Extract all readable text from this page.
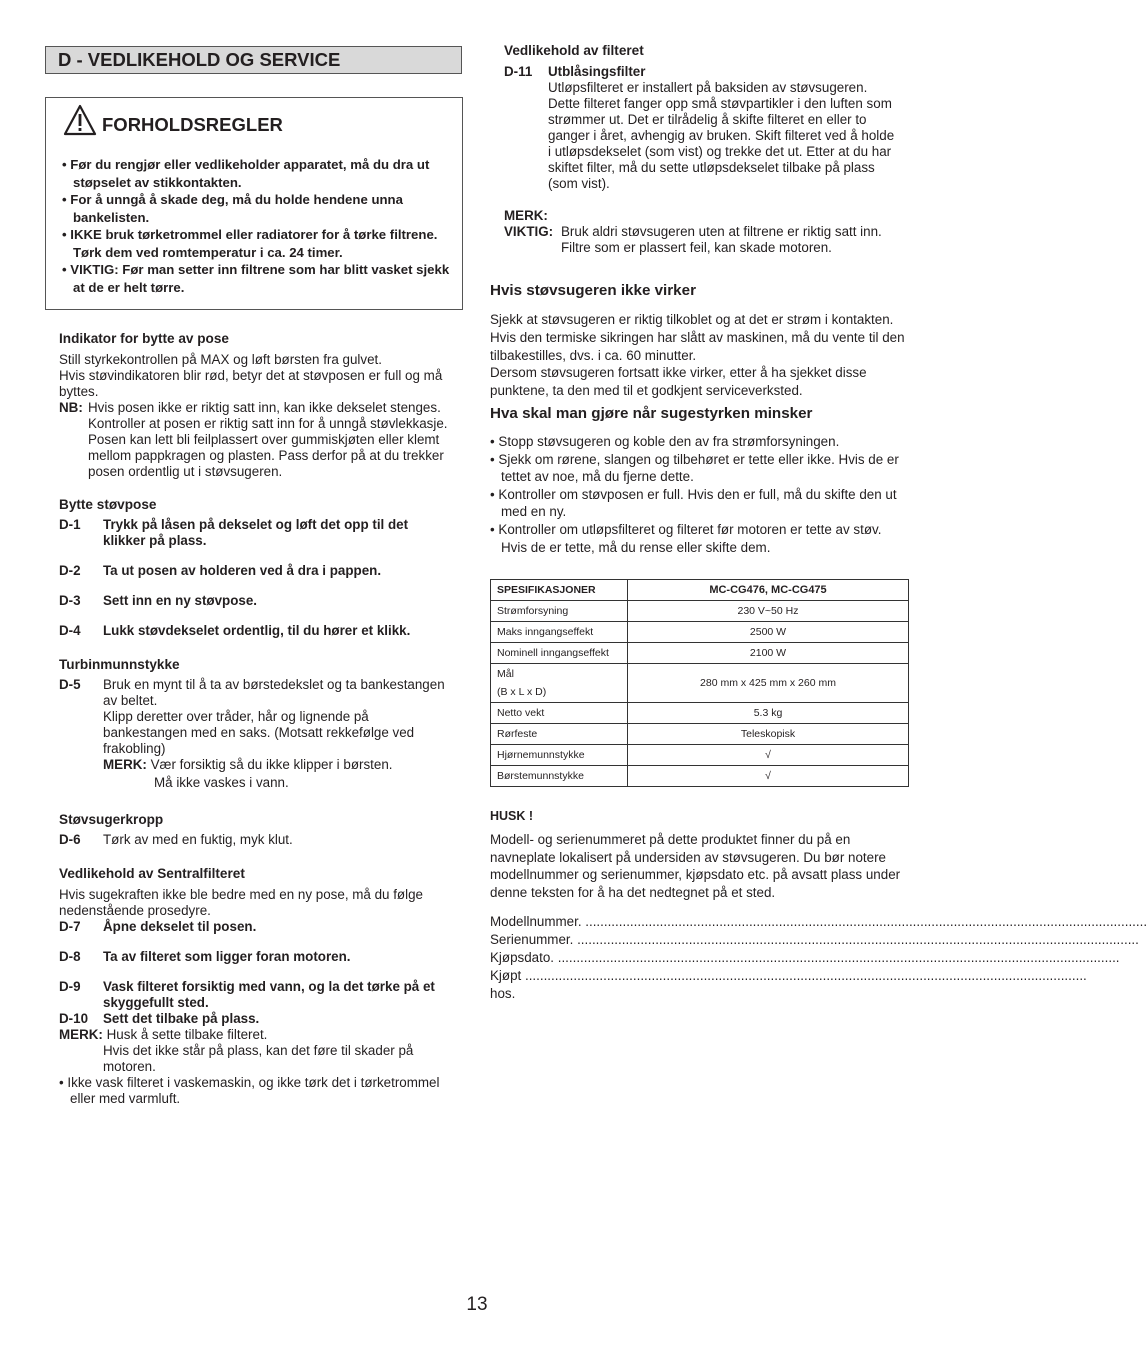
D - VEDLIKEHOLD OG SERVICE
FORHOLDSREGLER
• Før du rengjør eller vedlikeholder apparatet, må du dra ut støpselet av stikkontakten.
• For å unngå å skade deg, må du holde hendene unna bankelisten.
• IKKE bruk tørketrommel eller radiatorer for å tørke filtrene. Tørk dem ved romtemperatur i ca. 24 timer.
• VIKTIG: Før man setter inn filtrene som har blitt vasket sjekk at de er helt tørre.
Indikator for bytte av pose
Still styrkekontrollen på MAX og løft børsten fra gulvet.
Hvis støvindikatoren blir rød, betyr det at støvposen er full og må byttes.
NB: Hvis posen ikke er riktig satt inn, kan ikke dekselet stenges. Kontroller at posen er riktig satt inn for å unngå støvlekkasje. Posen kan lett bli feilplassert over gummiskjøten eller klemt mellom pappkragen og plasten. Pass derfor på at du trekker posen ordentlig ut i støvsugeren.
Bytte støvpose
D-1	Trykk på låsen på dekselet og løft det opp til det klikker på plass.
D-2	Ta ut posen av holderen ved å dra i pappen.
D-3	Sett inn en ny støvpose.
D-4	Lukk støvdekselet ordentlig, til du hører et klikk.
Turbinmunnstykke
D-5	Bruk en mynt til å ta av børstedekslet og ta bankestangen av beltet.
Klipp deretter over tråder, hår og lignende på bankestangen med en saks. (Motsatt rekkefølge ved frakobling)
MERK: Vær forsiktig så du ikke klipper i børsten.
Må ikke vaskes i vann.
Støvsugerkropp
D-6	Tørk av med en fuktig, myk klut.
Vedlikehold av Sentralfilteret
Hvis sugekraften ikke ble bedre med en ny pose, må du følge nedenstående prosedyre.
D-7	Åpne dekselet til posen.
D-8	Ta av filteret som ligger foran motoren.
D-9	Vask filteret forsiktig med vann, og la det tørke på et skyggefullt sted.
D-10	Sett det tilbake på plass.
MERK: Husk å sette tilbake filteret.
Hvis det ikke står på plass, kan det føre til skader på motoren.
• Ikke vask filteret i vaskemaskin, og ikke tørk det i tørketrommel eller med varmluft.
Vedlikehold av filteret
D-11	Utblåsingsfilter
Utløpsfilteret er installert på baksiden av støvsugeren. Dette filteret fanger opp små støvpartikler i den luften som strømmer ut. Det er tilrådelig å skifte filteret en eller to ganger i året, avhengig av bruken. Skift filteret ved å holde i utløpsdekselet (som vist) og trekke det ut. Etter at du har skiftet filter, må du sette utløpsdekselet tilbake på plass (som vist).
MERK:
VIKTIG: Bruk aldri støvsugeren uten at filtrene er riktig satt inn. Filtre som er plassert feil, kan skade motoren.
Hvis støvsugeren ikke virker
Sjekk at støvsugeren er riktig tilkoblet og at det er strøm i kontakten. Hvis den termiske sikringen har slått av maskinen, må du vente til den tilbakestilles, dvs. i ca. 60 minutter.
Dersom støvsugeren fortsatt ikke virker, etter å ha sjekket disse punktene, ta den med til et godkjent serviceverksted.
Hva skal man gjøre når sugestyrken minsker
• Stopp støvsugeren og koble den av fra strømforsyningen.
• Sjekk om rørene, slangen og tilbehøret er tette eller ikke. Hvis de er tettet av noe, må du fjerne dette.
• Kontroller om støvposen er full. Hvis den er full, må du skifte den ut med en ny.
• Kontroller om utløpsfilteret og filteret før motoren er tette av støv. Hvis de er tette, må du rense eller skifte dem.
SPESIFIKASJONER	MC-CG476, MC-CG475
Strømforsyning	230 V~50 Hz
Maks inngangseffekt	2500 W
Nominell inngangseffekt	2100 W

Mål
(B x L x D)	280 mm x 425 mm x 260 mm
Netto vekt	5.3 kg
Rørfeste	Teleskopisk
Hjørnemunnstykke	√
Børstemunnstykke	√
HUSK !
Modell- og serienummeret på dette produktet finner du på en navneplate lokalisert på undersiden av støvsugeren. Du bør notere modellnummer og serienummer, kjøpsdato etc. på avsatt plass under denne teksten for å ha det nedtegnet på et sted.
Modellnummer. .......................................................................................................................................................
Serienummer. .......................................................................................................................................................
Kjøpsdato. .......................................................................................................................................................
Kjøpt hos.
.......................................................................................................................................................
13
